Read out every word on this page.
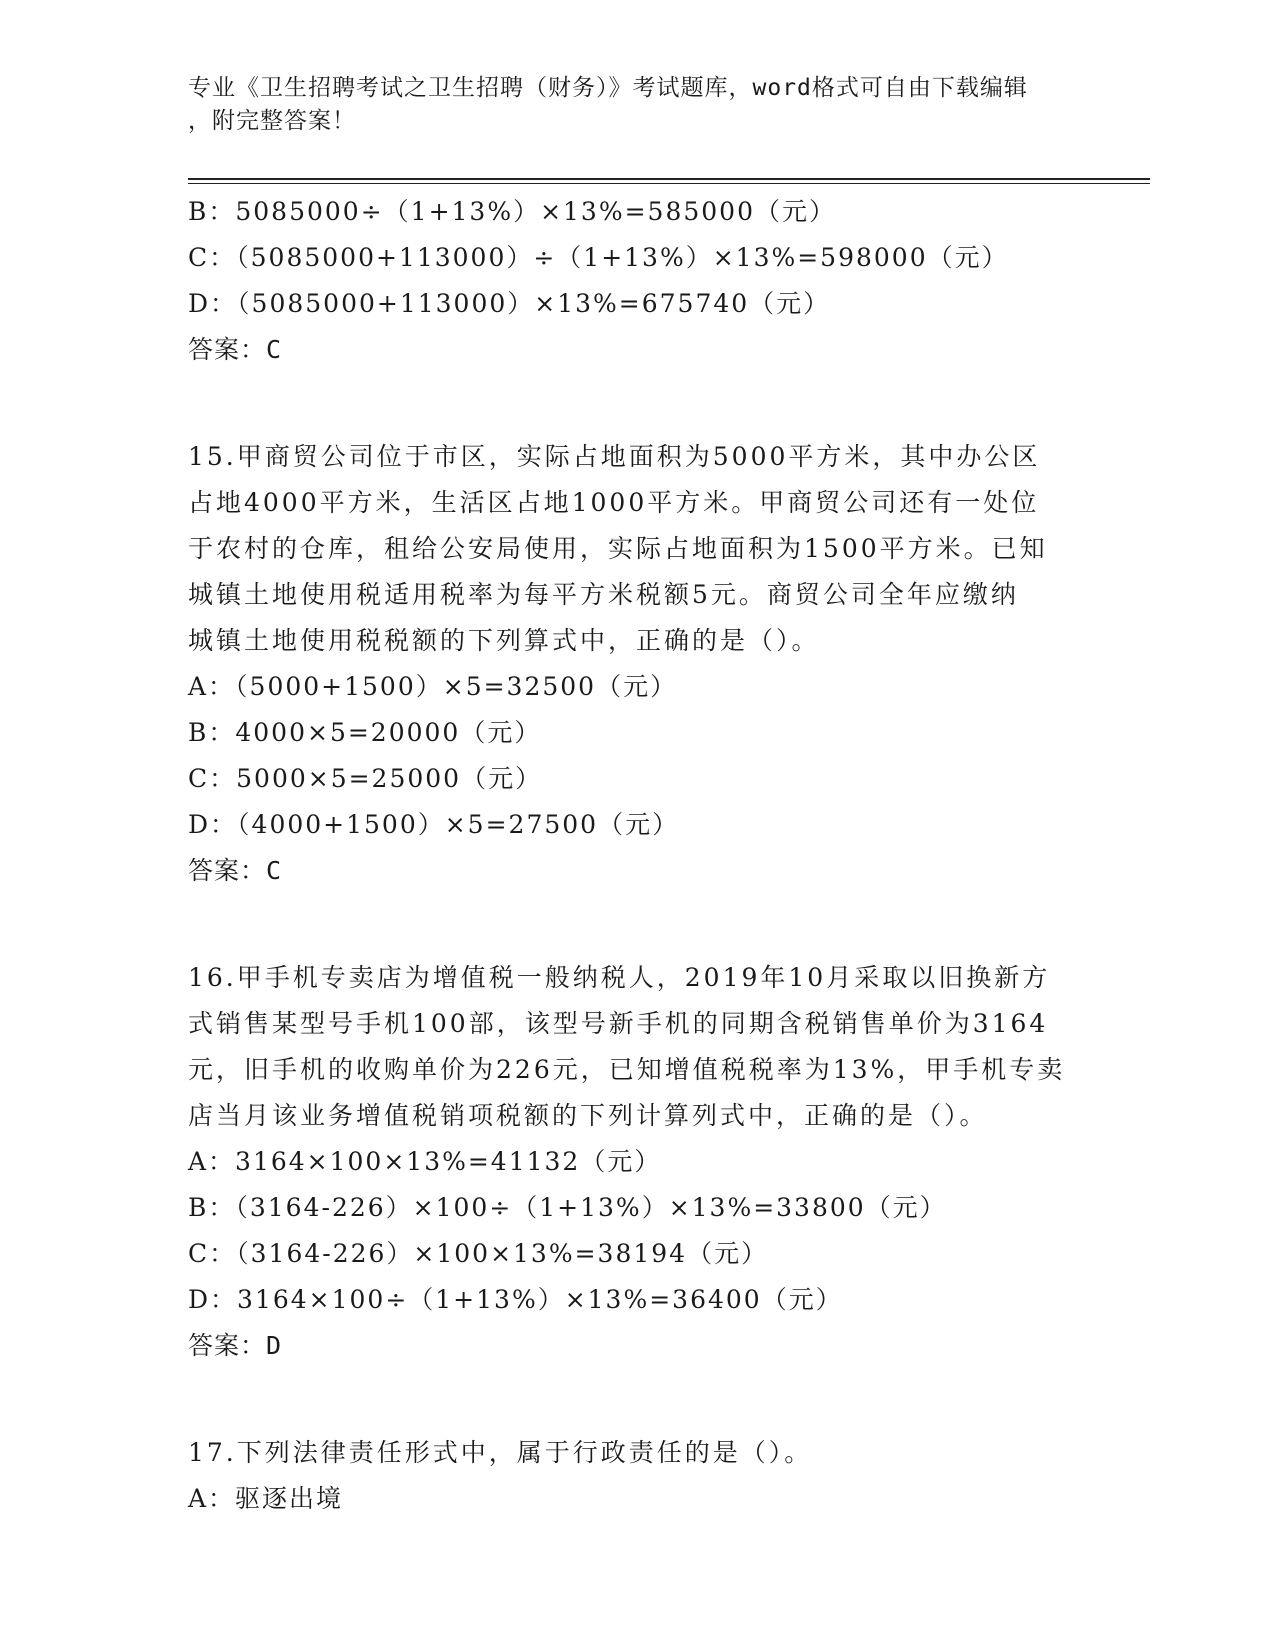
专业《卫生招聘考试之卫生招聘（财务）》考试题库，word格式可自由下载编辑
，附完整答案！
B：5085000÷（1+13%）×13%=585000（元）
C：（5085000+113000）÷（1+13%）×13%=598000（元）
D：（5085000+113000）×13%=675740（元）
答案：C
15.甲商贸公司位于市区，实际占地面积为5000平方米，其中办公区
占地4000平方米，生活区占地1000平方米。甲商贸公司还有一处位
于农村的仓库，租给公安局使用，实际占地面积为1500平方米。已知
城镇土地使用税适用税率为每平方米税额5元。商贸公司全年应缴纳
城镇土地使用税税额的下列算式中，正确的是（）。
A：（5000+1500）×5=32500（元）
B：4000×5=20000（元）
C：5000×5=25000（元）
D：（4000+1500）×5=27500（元）
答案：C
16.甲手机专卖店为增值税一般纳税人，2019年10月采取以旧换新方
式销售某型号手机100部，该型号新手机的同期含税销售单价为3164
元，旧手机的收购单价为226元，已知增值税税率为13%，甲手机专卖
店当月该业务增值税销项税额的下列计算列式中，正确的是（）。
A：3164×100×13%=41132（元）
B：（3164-226）×100÷（1+13%）×13%=33800（元）
C：（3164-226）×100×13%=38194（元）
D：3164×100÷（1+13%）×13%=36400（元）
答案：D
17.下列法律责任形式中，属于行政责任的是（）。
A：驱逐出境
